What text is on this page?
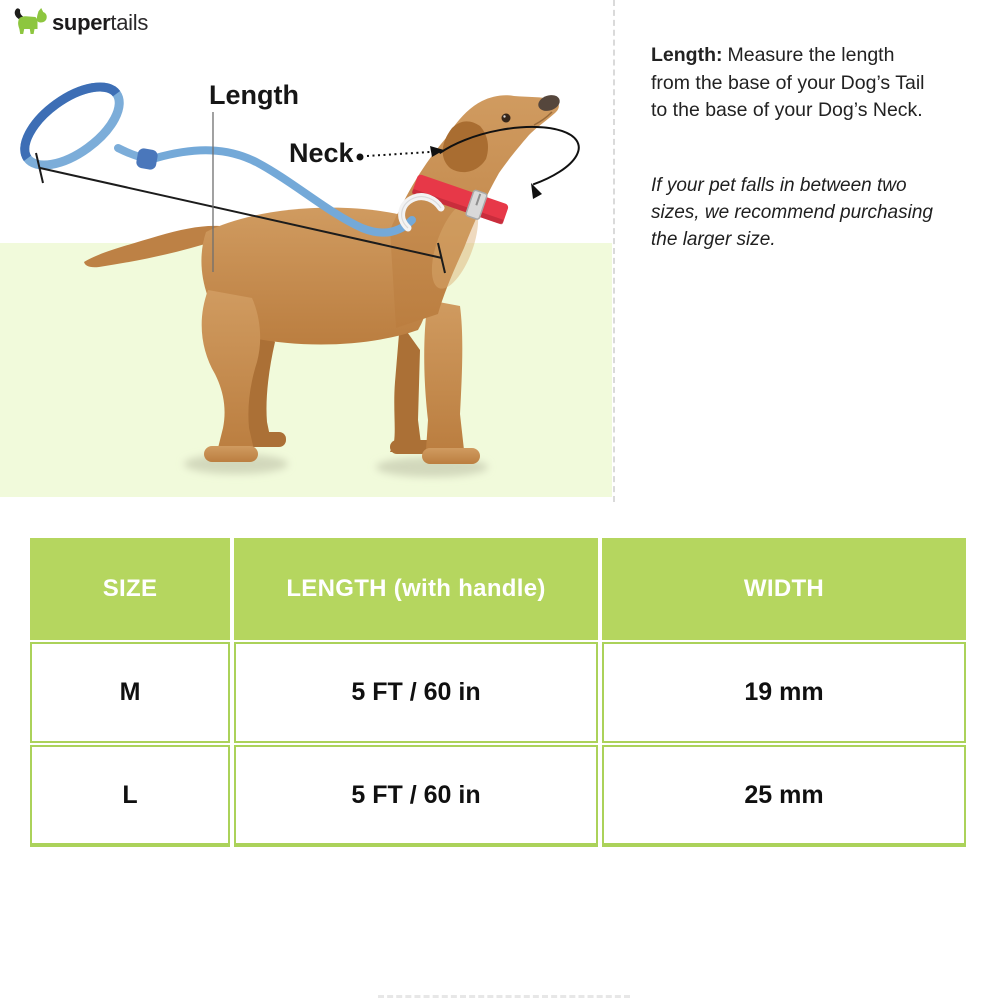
super tails
Length
Neck
Length: Measure the length
from the base of your Dog’s Tail
to the base of your Dog’s Neck.
If your pet falls in between two
sizes, we recommend purchasing
the larger size.
SIZE	LENGTH (with handle)	WIDTH
M	5 FT / 60 in	19 mm
L	5 FT / 60 in	25 mm
